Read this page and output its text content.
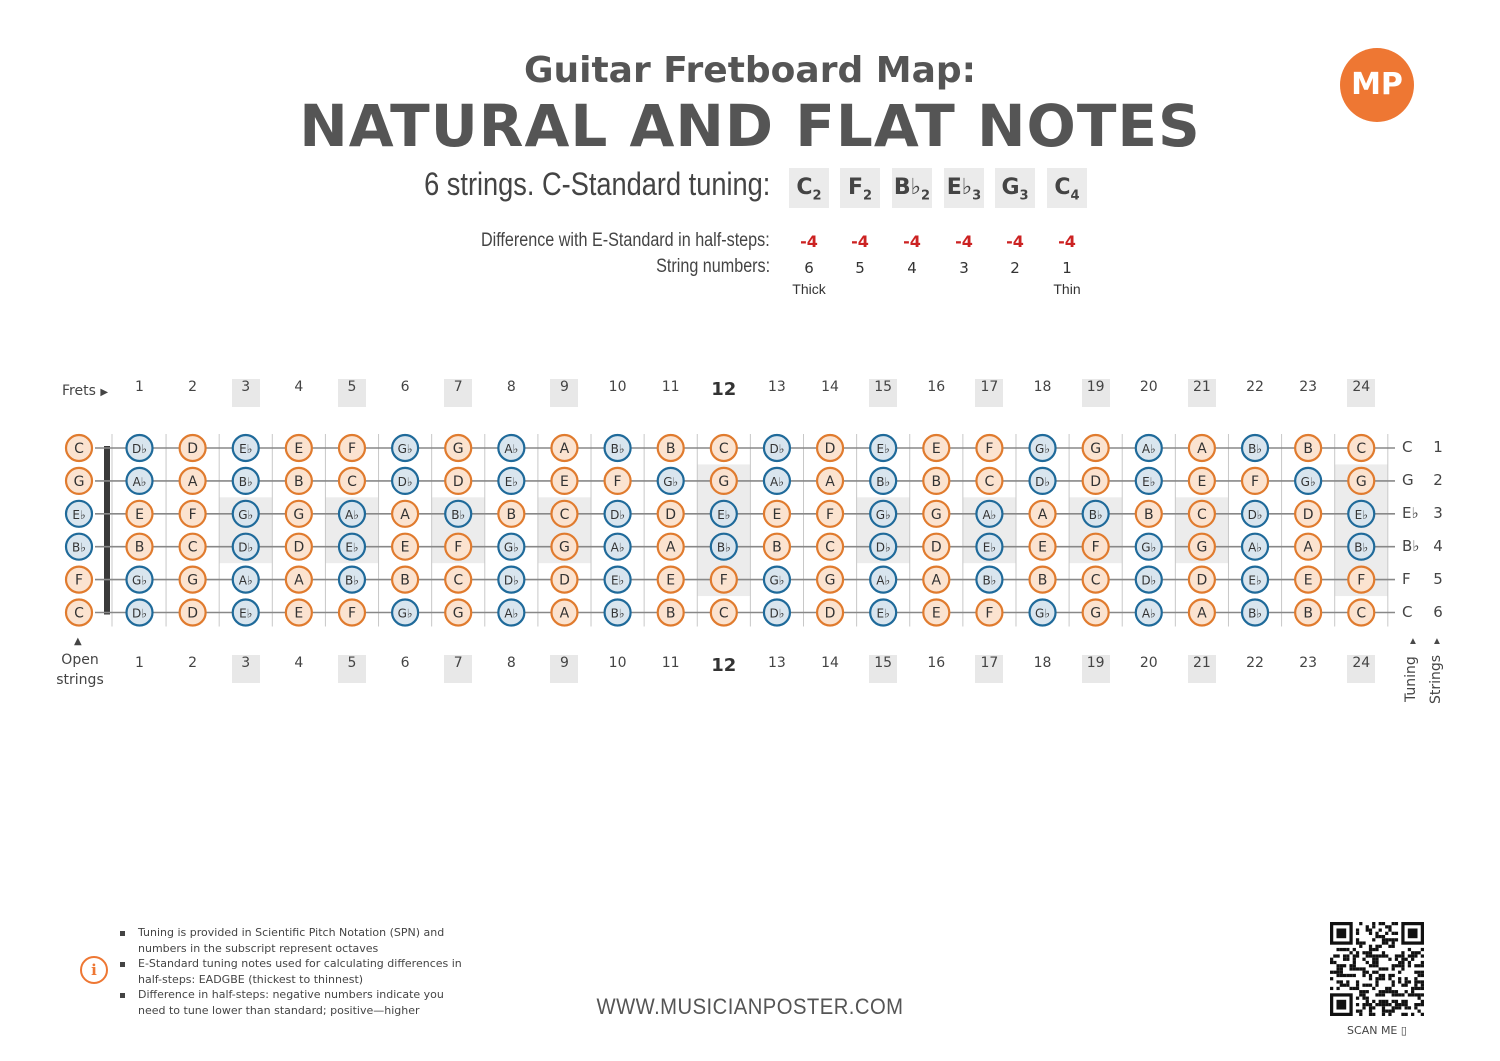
Guitar Fretboard Map:
NATURAL AND FLAT NOTES
MP
6 strings. C-Standard tuning:	$C_2$	$F_2$ $B♭_2$ $E♭_3$ $G_3$	$C_4$
Difference with E-Standard in half-steps:
String numbers:
-4	-4	-4	-4	-4	-4
6	5	4	3	2	1
Thick	Thin
Frets ▶	1	2	3	4	5	6	7	8	9	10	11 12	13	14	15	16	17	18	19	20	21	22	23	24
1	2	3	4	5	6	7	8	9	10	11 12	13	14	15	16	17	18	19	20	21	22	23	24
C	D♭	D	E♭	E	F	G♭	G	A♭	A	B♭	B	C	D♭	D	E♭	E	F	G♭	G	A♭	A	B♭	B	C
G	A♭	A	B♭	B	C	D♭	D	E♭	E	F	G♭	G	A♭	A	B♭	B	C	D♭	D	E♭	E	F	G♭	G
E♭	E	F	G♭	G	A♭	A	B♭	B	C	D♭	D	E♭	E	F	G♭	G	A♭	A	B♭	B	C	D♭	D	E♭
B♭	B	C	D♭	D	E♭	E	F	G♭	G	A♭	A	B♭	B	C	D♭	D	E♭	E	F	G♭	G	A♭	A	B♭
F	G♭	G	A♭	A	B♭	B	C	D♭	D	E♭	E	F	G♭	G	A♭	A	B♭	B	C	D♭	D	E♭	E	F
C	D♭	D	E♭	E	F	G♭	G	A♭	A	B♭	B	C	D♭	D	E♭	E	F	G♭	G	A♭	A	B♭	B	C
▲
Open
strings
C	1
G	2
E♭ 3
B♭ 4
F	5
C	6
▲ ▲
Tuning Strings
i
Tuning is provided in Scientific Pitch Notation (SPN) and numbers in the subscript represent octaves
E-Standard tuning notes used for calculating differences in half-steps: EADGBE (thickest to thinnest)
Difference in half-steps: negative numbers indicate you need to tune lower than standard; positive—higher	WWW.MUSICIANPOSTER.COM
SCAN ME ▯
